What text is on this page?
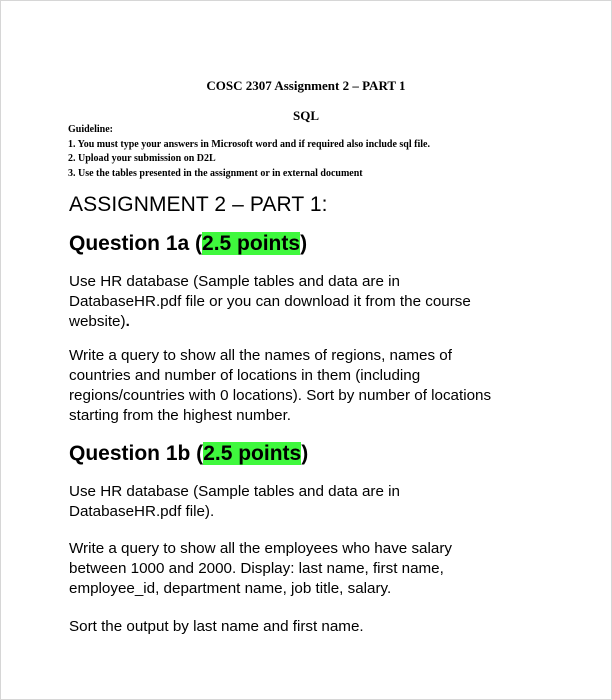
COSC 2307 Assignment 2 – PART 1
SQL
Guideline:
1. You must type your answers in Microsoft word and if required also include sql file.
2. Upload your submission on D2L
3. Use the tables presented in the assignment or in external document
ASSIGNMENT 2 – PART 1:
Question 1a (2.5 points)

Use HR database (Sample tables and data are in
DatabaseHR.pdf file or you can download it from the course
website).

Write a query to show all the names of regions, names of
countries and number of locations in them (including
regions/countries with 0 locations). Sort by number of locations
starting from the highest number.

Question 1b (2.5 points)

Use HR database (Sample tables and data are in
DatabaseHR.pdf file).

Write a query to show all the employees who have salary
between 1000 and 2000. Display: last name, first name,
employee_id, department name, job title, salary.

Sort the output by last name and first name.
